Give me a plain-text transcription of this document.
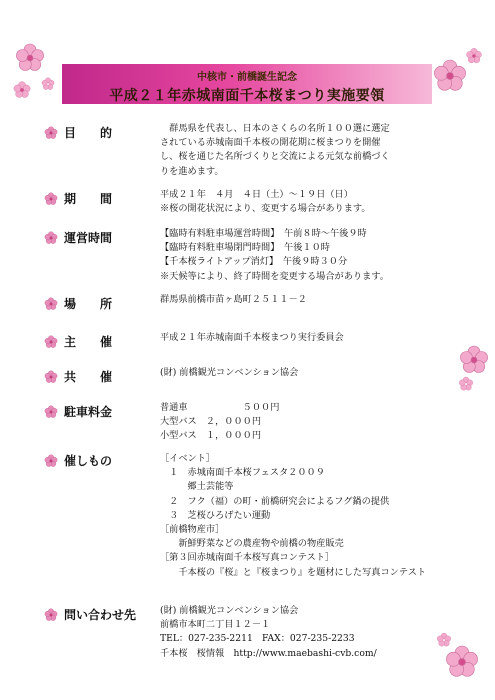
中核市・前橋誕生記念
平成２１年赤城南面千本桜まつり実施要領
目　　的	　群馬県を代表し、日本のさくらの名所１００選に選定
されている赤城南面千本桜の開花期に桜まつりを開催
し、桜を通じた名所づくりと交流による元気な前橋づく
りを進めます。
期　　間	平成２１年　４月　４日（土）～１９日（日）
※桜の開花状況により、変更する場合があります。
運営時間	【臨時有料駐車場運営時間】　午前８時～午後９時
【臨時有料駐車場閉門時間】　午後１０時
【千本桜ライトアップ消灯】　午後９時３０分
※天候等により、終了時間を変更する場合があります。
場　　所	群馬県前橋市苗ヶ島町２５１１－２
主　　催	平成２１年赤城南面千本桜まつり実行委員会
共　　催	(財) 前橋観光コンベンション協会
駐車料金	普通車　　　　　　５００円
大型バス　２，０００円
小型バス　１，０００円
催しもの	［イベント］
　１　赤城南面千本桜フェスタ２００９
　　　郷土芸能等
　２　フク（福）の町・前橋研究会によるフグ鍋の提供
　３　芝桜ひろげたい運動
［前橋物産市］
　　新鮮野菜などの農産物や前橋の物産販売
［第３回赤城南面千本桜写真コンテスト］
　　千本桜の『桜』と『桜まつり』を題材にした写真コンテスト
問い合わせ先	(財) 前橋観光コンベンション協会
前橋市本町二丁目１２－１
TEL：027-235-2211　FAX：027-235-2233
千本桜　桜情報　http://www.maebashi-cvb.com/
